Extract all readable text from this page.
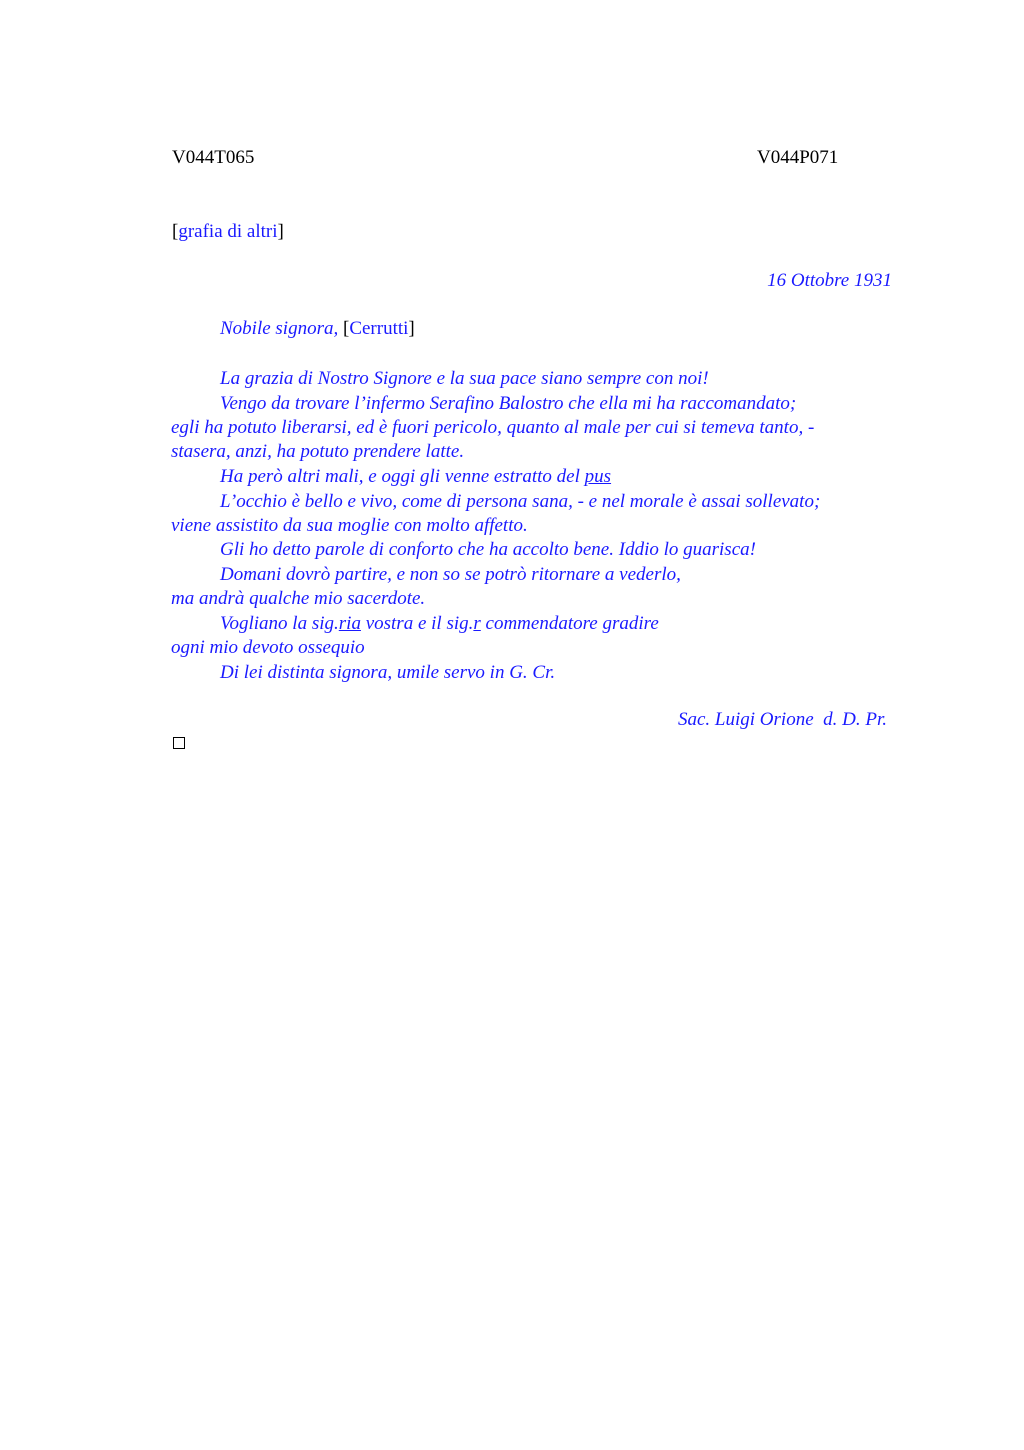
V044T065	V044P071
[grafia di altri]
16 Ottobre 1931
Nobile signora, [Cerrutti]
La grazia di Nostro Signore e la sua pace siano sempre con noi!
Vengo da trovare l’infermo Serafino Balostro che ella mi ha raccomandato;
egli ha potuto liberarsi, ed è fuori pericolo, quanto al male per cui si temeva tanto, -
stasera, anzi, ha potuto prendere latte.
Ha però altri mali, e oggi gli venne estratto del pus
L’occhio è bello e vivo, come di persona sana, - e nel morale è assai sollevato;
viene assistito da sua moglie con molto affetto.
Gli ho detto parole di conforto che ha accolto bene. Iddio lo guarisca!
Domani dovrò partire, e non so se potrò ritornare a vederlo,
ma andrà qualche mio sacerdote.
Vogliano la sig.ria vostra e il sig.r commendatore gradire
ogni mio devoto ossequio
Di lei distinta signora, umile servo in G. Cr.
Sac. Luigi Orione  d. D. Pr.
